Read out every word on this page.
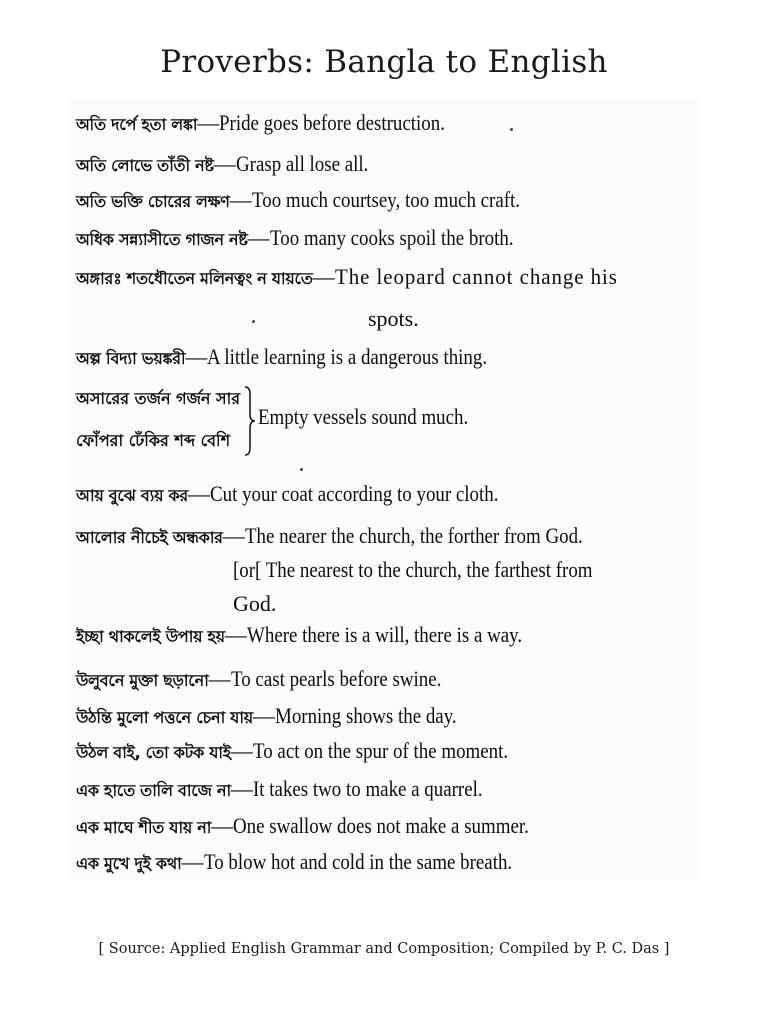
Proverbs: Bangla to English
অতি দর্পে হতা লঙ্কা—Pride goes before destruction.
অতি লোভে তাঁতী নষ্ট—Grasp all lose all.
অতি ভক্তি চোরের লক্ষণ—Too much courtsey, too much craft.
অধিক সন্ন্যাসীতে গাজন নষ্ট—Too many cooks spoil the broth.
অঙ্গারঃ শতধৌতেন মলিনত্বং ন যায়তে—The leopard cannot change his
spots.
অল্প বিদ্যা ভয়ঙ্করী—A little learning is a dangerous thing.
অসারের তর্জন গর্জন সার
ফোঁপরা ঢেঁকির শব্দ বেশি
Empty vessels sound much.
আয় বুঝে ব্যয় কর—Cut your coat according to your cloth.
আলোর নীচেই অন্ধকার—The nearer the church, the forther from God.
[or[ The nearest to the church, the farthest from
God.
ইচ্ছা থাকলেই উপায় হয়—Where there is a will, there is a way.
উলুবনে মুক্তা ছড়ানো—To cast pearls before swine.
উঠন্তি মুলো পত্তনে চেনা যায়—Morning shows the day.
উঠল বাই, তো কটক যাই—To act on the spur of the moment.
এক হাতে তালি বাজে না—It takes two to make a quarrel.
এক মাঘে শীত যায় না—One swallow does not make a summer.
এক মুখে দুই কথা—To blow hot and cold in the same breath.
[ Source: Applied English Grammar and Composition; Compiled by P. C. Das ]
